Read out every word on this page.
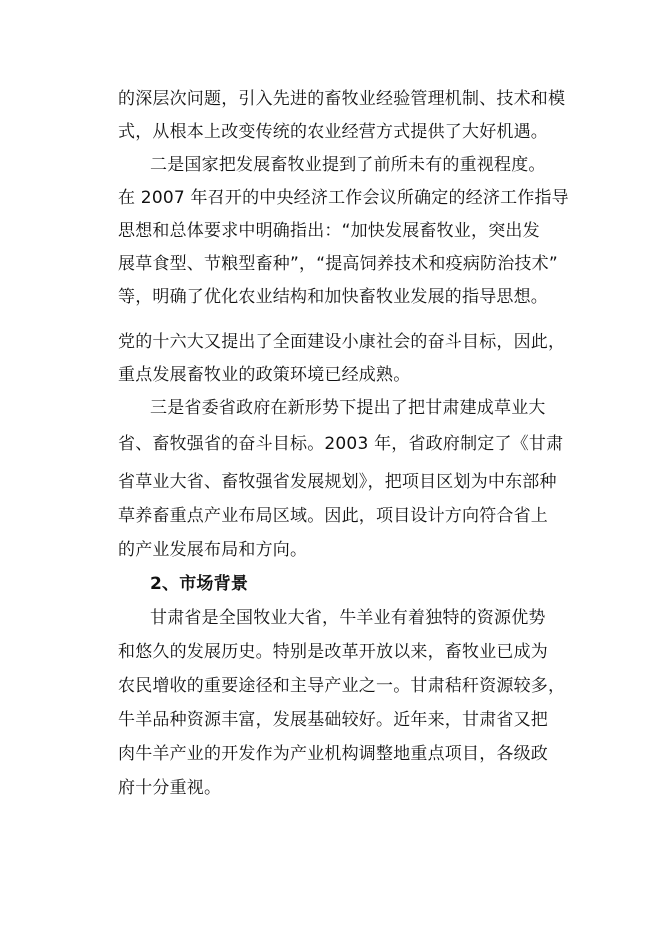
的深层次问题，引入先进的畜牧业经验管理机制、技术和模
式，从根本上改变传统的农业经营方式提供了大好机遇。
二是国家把发展畜牧业提到了前所未有的重视程度。
在 2007 年召开的中央经济工作会议所确定的经济工作指导
思想和总体要求中明确指出：“加快发展畜牧业，突出发
展草食型、节粮型畜种”，“提高饲养技术和疫病防治技术”
等，明确了优化农业结构和加快畜牧业发展的指导思想。
党的十六大又提出了全面建设小康社会的奋斗目标，因此，
重点发展畜牧业的政策环境已经成熟。
三是省委省政府在新形势下提出了把甘肃建成草业大
省、畜牧强省的奋斗目标。2003 年，省政府制定了《甘肃
省草业大省、畜牧强省发展规划》，把项目区划为中东部种
草养畜重点产业布局区域。因此，项目设计方向符合省上
的产业发展布局和方向。
2、市场背景
甘肃省是全国牧业大省，牛羊业有着独特的资源优势
和悠久的发展历史。特别是改革开放以来，畜牧业已成为
农民增收的重要途径和主导产业之一。甘肃秸秆资源较多，
牛羊品种资源丰富，发展基础较好。近年来，甘肃省又把
肉牛羊产业的开发作为产业机构调整地重点项目，各级政
府十分重视。
